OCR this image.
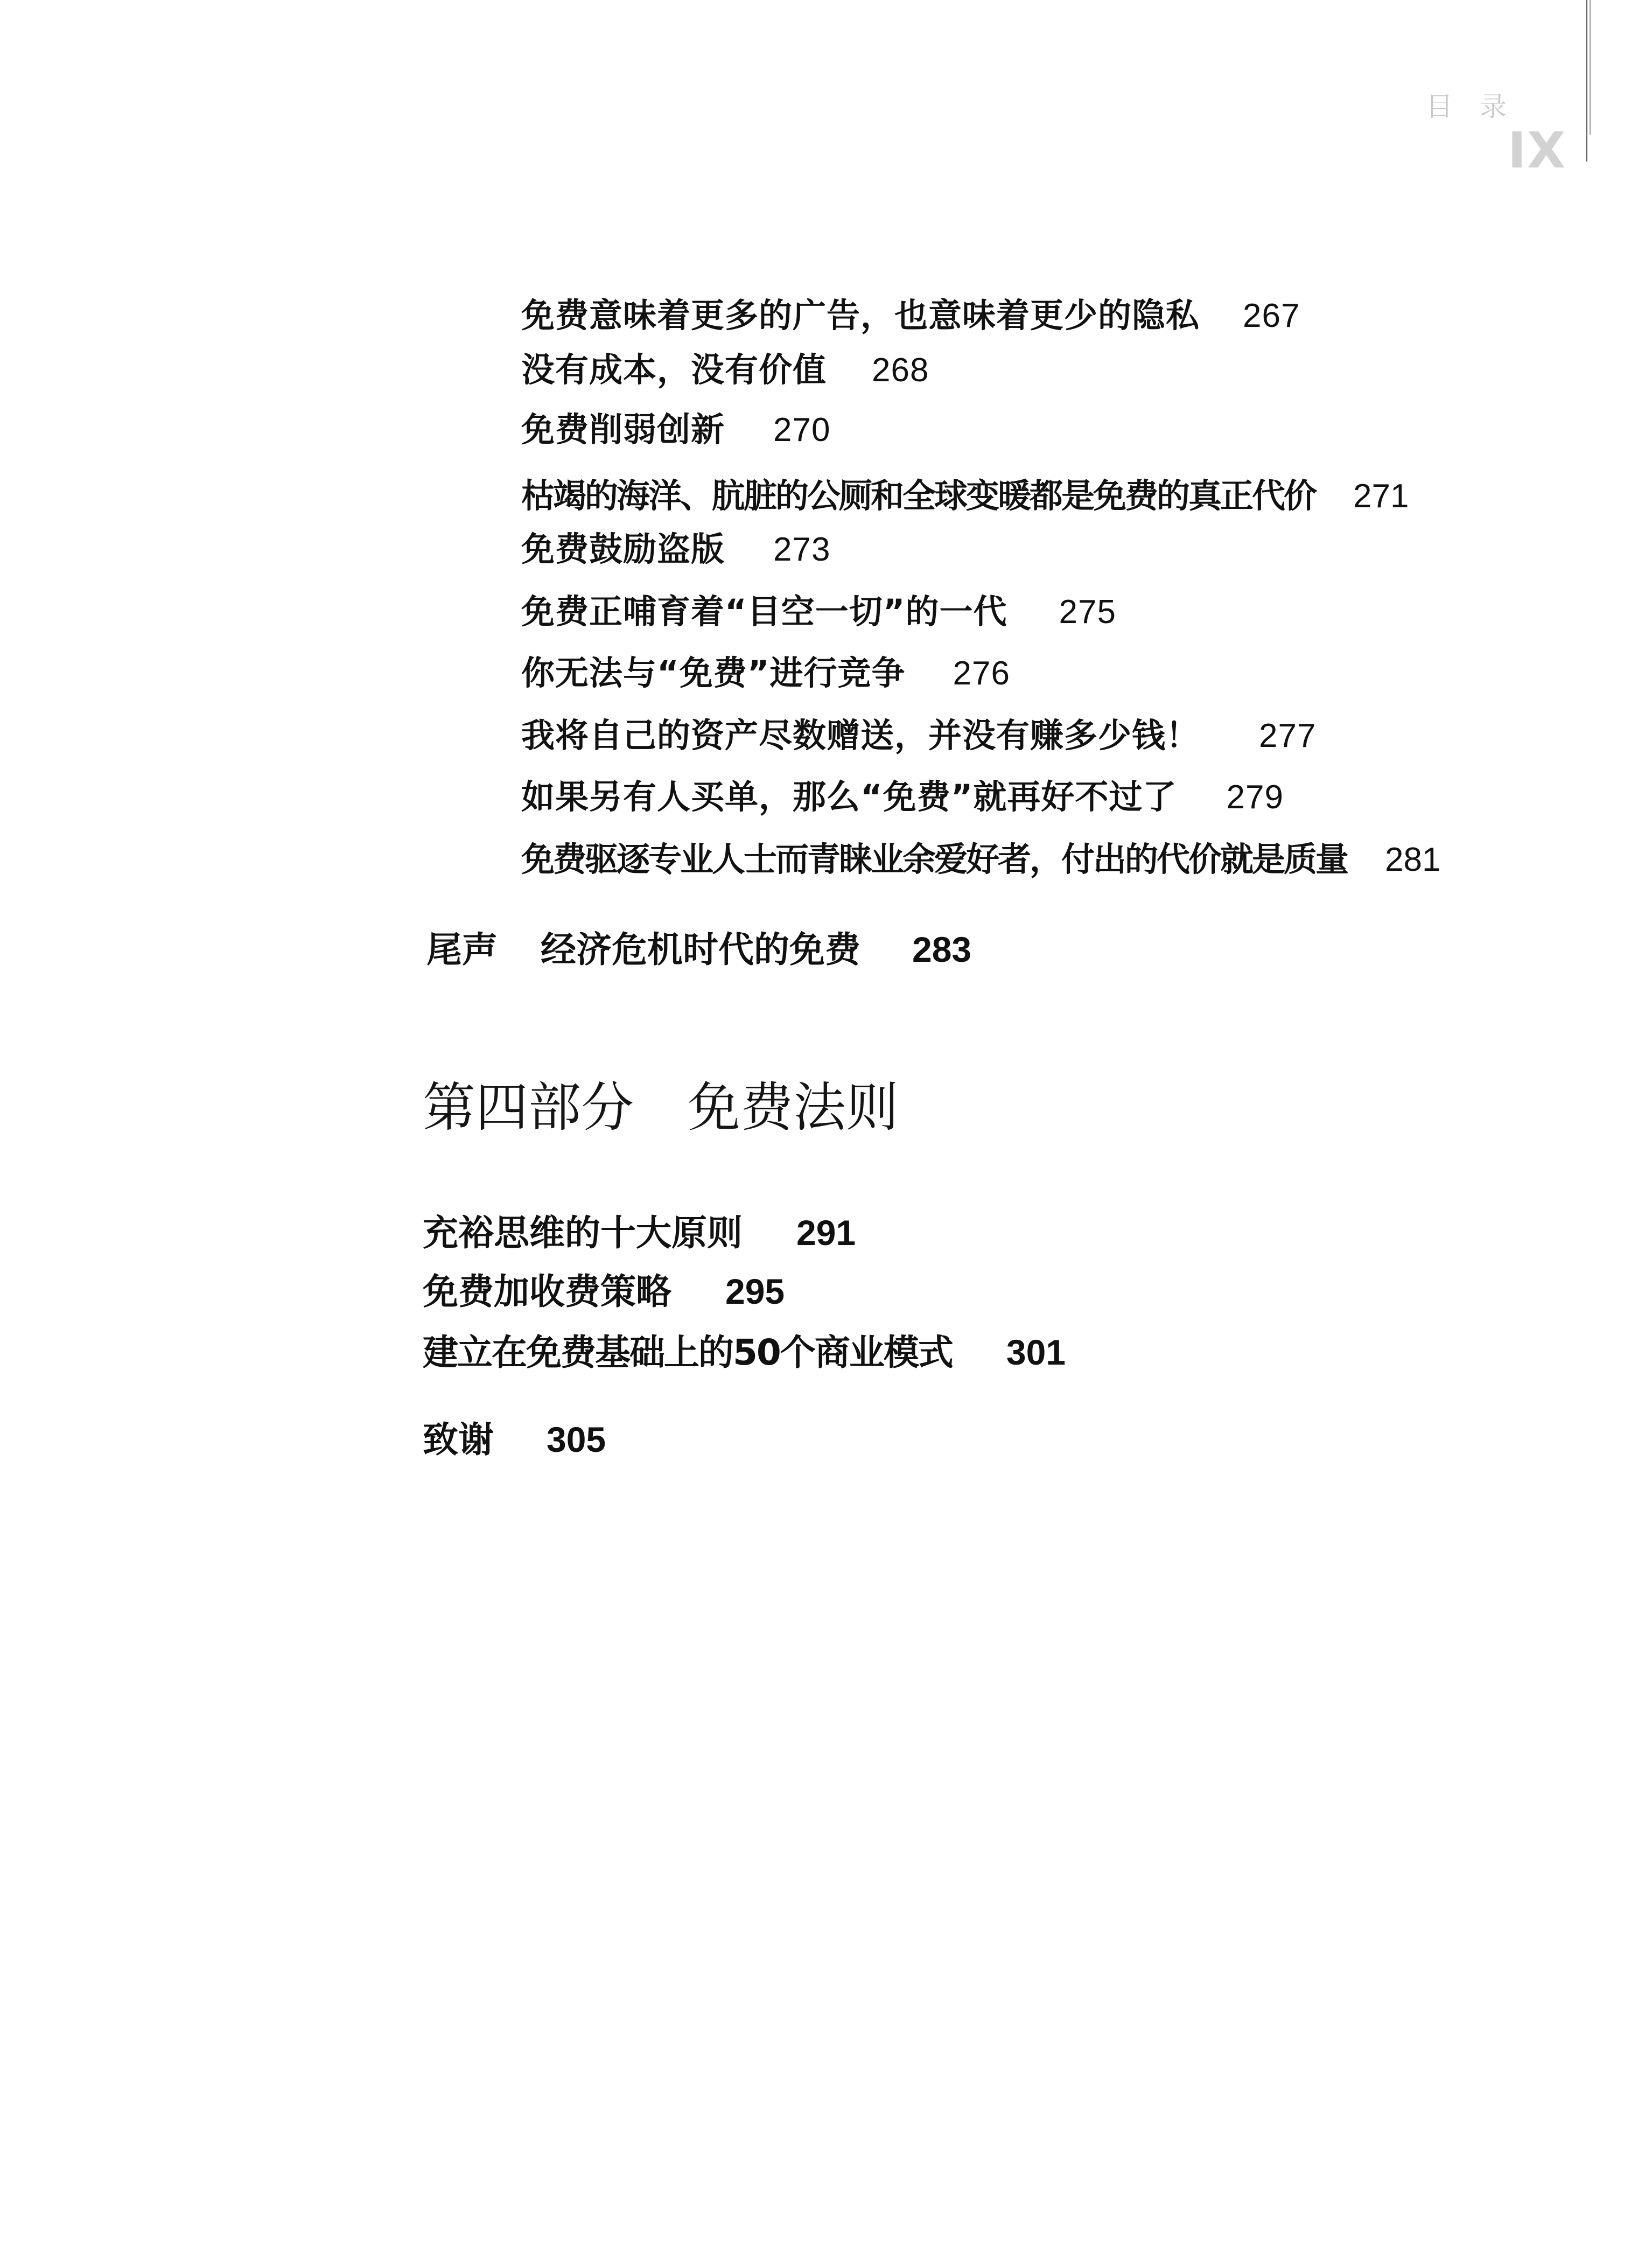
目录
IX
免费意味着更多的广告，也意味着更少的隐私 267
没有成本，没有价值 268
免费削弱创新 270
枯竭的海洋、肮脏的公厕和全球变暖都是免费的真正代价 271
免费鼓励盗版 273
免费正哺育着“目空一切”的一代 275
你无法与“免费”进行竞争 276
我将自己的资产尽数赠送，并没有赚多少钱！ 277
如果另有人买单，那么“免费”就再好不过了 279
免费驱逐专业人士而青睐业余爱好者，付出的代价就是质量 281
尾声 经济危机时代的免费 283
第四部分 免费法则
充裕思维的十大原则 291
免费加收费策略 295
建立在免费基础上的50个商业模式 301
致谢 305
